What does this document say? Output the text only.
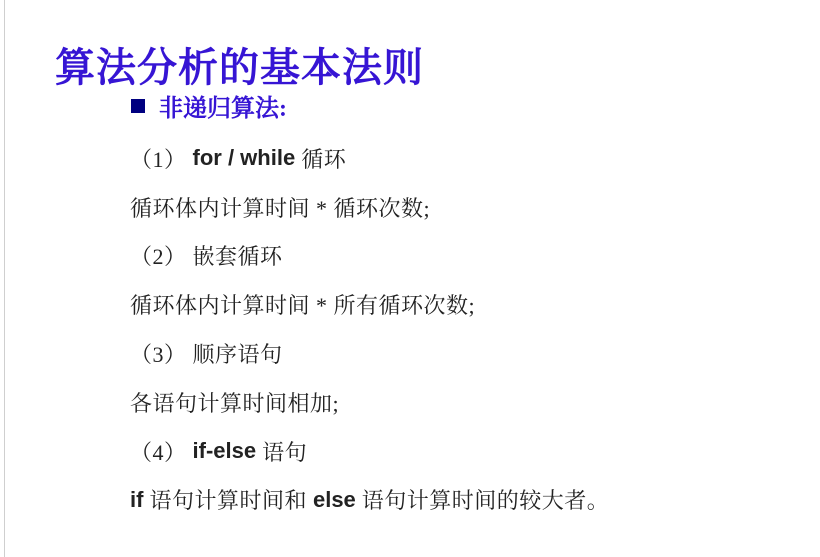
算法分析的基本法则
非递归算法:
（1） for / while 循环
循环体内计算时间 * 循环次数;
（2） 嵌套循环
循环体内计算时间 * 所有循环次数;
（3） 顺序语句
各语句计算时间相加;
（4） if-else 语句
if 语句计算时间和 else 语句计算时间的较大者。
